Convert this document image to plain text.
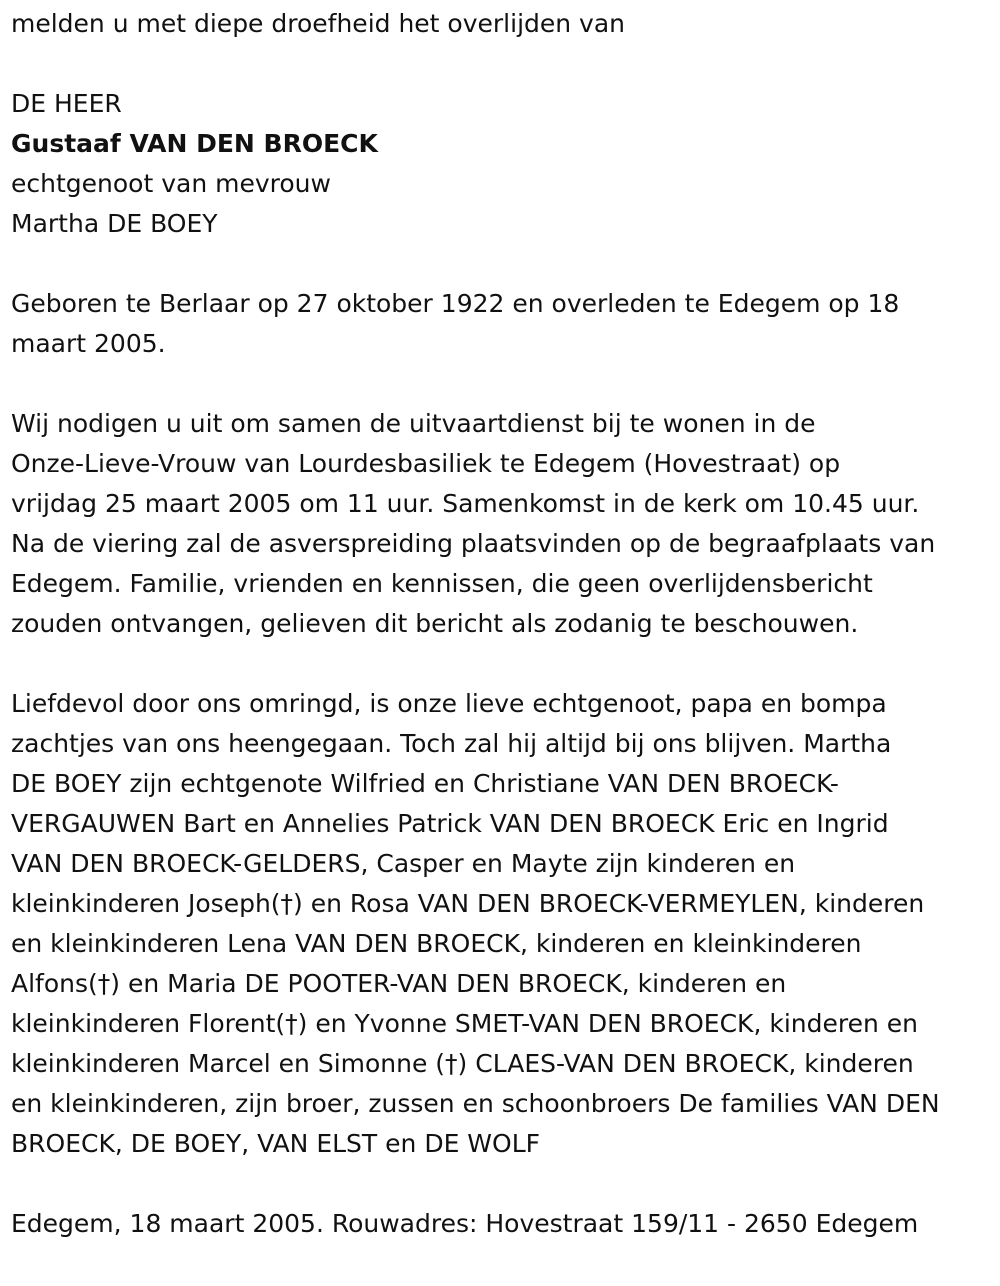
melden u met diepe droefheid het overlijden van
DE HEER
Gustaaf VAN DEN BROECK
echtgenoot van mevrouw
Martha DE BOEY
Geboren te Berlaar op 27 oktober 1922 en overleden te Edegem op 18
maart 2005.
Wij nodigen u uit om samen de uitvaartdienst bij te wonen in de
Onze-Lieve-Vrouw van Lourdesbasiliek te Edegem (Hovestraat) op
vrijdag 25 maart 2005 om 11 uur. Samenkomst in de kerk om 10.45 uur.
Na de viering zal de asverspreiding plaatsvinden op de begraafplaats van
Edegem. Familie, vrienden en kennissen, die geen overlijdensbericht
zouden ontvangen, gelieven dit bericht als zodanig te beschouwen.
Liefdevol door ons omringd, is onze lieve echtgenoot, papa en bompa
zachtjes van ons heengegaan. Toch zal hij altijd bij ons blijven. Martha
DE BOEY zijn echtgenote Wilfried en Christiane VAN DEN BROECK-
VERGAUWEN Bart en Annelies Patrick VAN DEN BROECK Eric en Ingrid
VAN DEN BROECK-GELDERS, Casper en Mayte zijn kinderen en
kleinkinderen Joseph(†) en Rosa VAN DEN BROECK-VERMEYLEN, kinderen
en kleinkinderen Lena VAN DEN BROECK, kinderen en kleinkinderen
Alfons(†) en Maria DE POOTER-VAN DEN BROECK, kinderen en
kleinkinderen Florent(†) en Yvonne SMET-VAN DEN BROECK, kinderen en
kleinkinderen Marcel en Simonne (†) CLAES-VAN DEN BROECK, kinderen
en kleinkinderen, zijn broer, zussen en schoonbroers De families VAN DEN
BROECK, DE BOEY, VAN ELST en DE WOLF
Edegem, 18 maart 2005. Rouwadres: Hovestraat 159/11 - 2650 Edegem
